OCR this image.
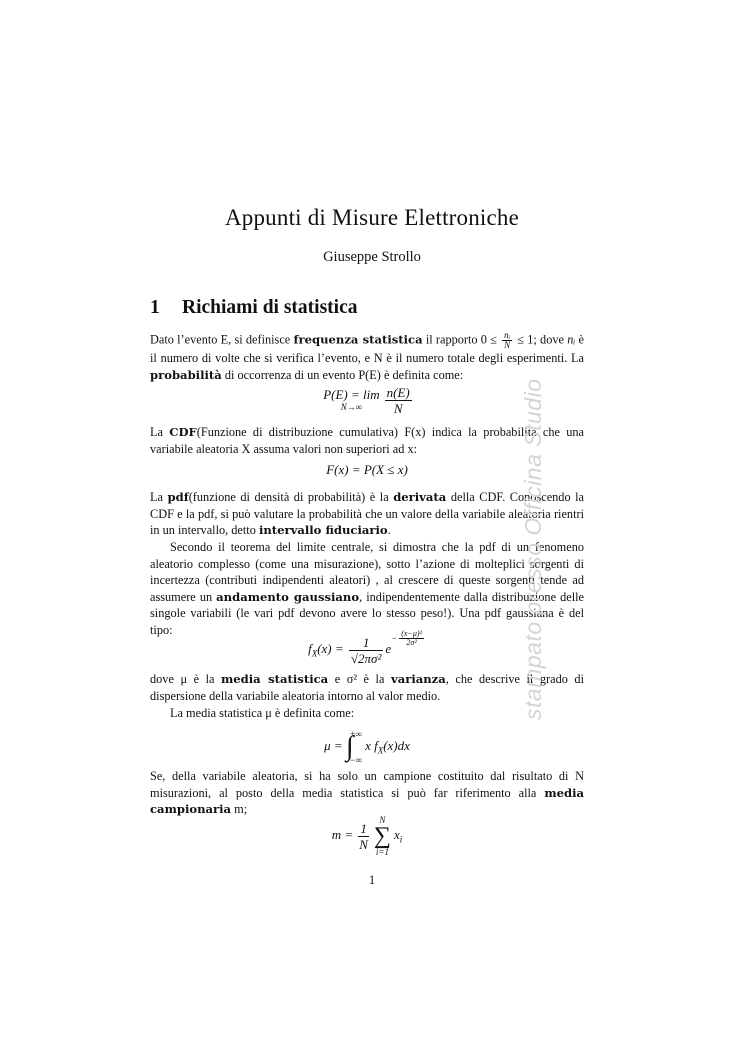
Appunti di Misure Elettroniche
Giuseppe Strollo
1 Richiami di statistica
Dato l’evento E, si definisce frequenza statistica il rapporto $0 \le \frac{\text{nᵢ}}{N} \le 1$; dove nᵢ è il numero di volte che si verifica l’evento, e N è il numero totale degli esperimenti. La probabilità di occorrenza di un evento P(E) è definita come:
P(E) = lim
N→∞	$\frac{n(E)}{N}$
La CDF(Funzione di distribuzione cumulativa) F(x) indica la probabilità che una variabile aleatoria X assuma valori non superiori ad x:
F(x) = P(X ≤ x)
La pdf(funzione di densità di probabilità) è la derivata della CDF. Conoscendo la CDF e la pdf, si può valutare la probabilità che un valore della variabile aleatoria rientri in un intervallo, detto intervallo fiduciario.
Secondo il teorema del limite centrale, si dimostra che la pdf di un fenomeno aleatorio complesso (come una misurazione), sotto l’azione di molteplici sorgenti di incertezza (contributi indipendenti aleatori) , al crescere di queste sorgenti tende ad assumere un andamento gaussiano, indipendentemente dalla distribuzione delle singole variabili (le vari pdf devono avere lo stesso peso!). Una pdf gaussiana è del tipo:
$f_X(x) = \frac{1}{\text{√2πσ²}} e^{- \frac{\text{(x−μ)²}}{\text{2σ²}}}$
dove μ è la media statistica e σ² è la varianza, che descrive il grado di dispersione della variabile aleatoria intorno al valor medio.
La media statistica μ è definita come:
μ = ∫
+∞
−∞
x $f_X(x)dx$
Se, della variabile aleatoria, si ha solo un campione costituito dal risultato di N misurazioni, al posto della media statistica si può far riferimento alla media campionaria m;
$m = \frac{1}{N}$
N
∑
i=1
$x_i$
1
stampato presso Officina Studio
